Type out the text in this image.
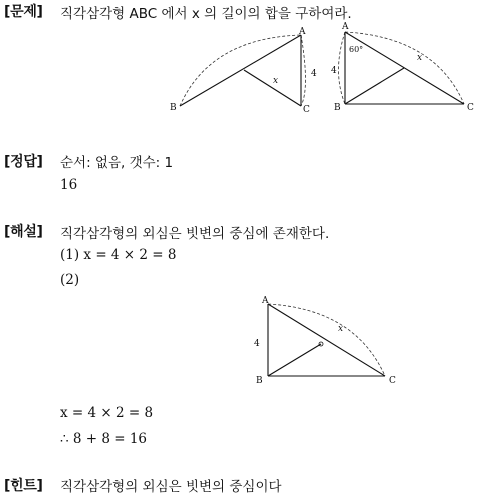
[문제] 직각삼각형 ABC 에서 x 의 길이의 합을 구하여라.
B
A
C
x
4
A
B	C
4
60°
x
[정답] 순서: 없음, 갯수: 1
16
[해설] 직각삼각형의 외심은 빗변의 중심에 존재한다.
(1) x = 4 × 2 = 8
(2)
A
B	C
4
x
x = 4 × 2 = 8
∴ 8 + 8 = 16
[힌트] 직각삼각형의 외심은 빗변의 중심이다
